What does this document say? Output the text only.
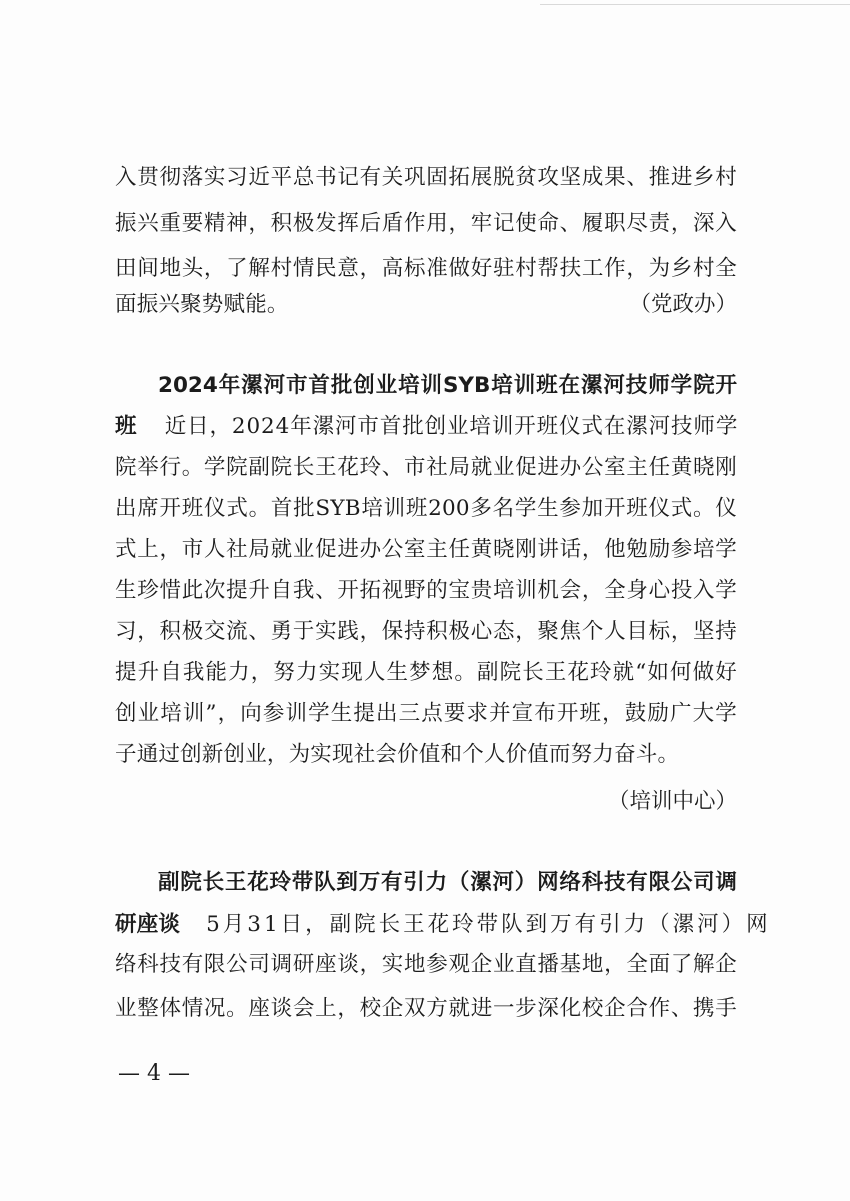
入贯彻落实习近平总书记有关巩固拓展脱贫攻坚成果、推进乡村
振兴重要精神，积极发挥后盾作用，牢记使命、履职尽责，深入
田间地头，了解村情民意，高标准做好驻村帮扶工作，为乡村全
面振兴聚势赋能。	（党政办）
2024年漯河市首批创业培训SYB培训班在漯河技师学院开
班 近日，2024年漯河市首批创业培训开班仪式在漯河技师学
院举行。学院副院长王花玲、市社局就业促进办公室主任黄晓刚
出席开班仪式。首批SYB培训班200多名学生参加开班仪式。仪
式上，市人社局就业促进办公室主任黄晓刚讲话，他勉励参培学
生珍惜此次提升自我、开拓视野的宝贵培训机会，全身心投入学
习，积极交流、勇于实践，保持积极心态，聚焦个人目标，坚持
提升自我能力，努力实现人生梦想。副院长王花玲就“如何做好
创业培训”，向参训学生提出三点要求并宣布开班，鼓励广大学
子通过创新创业，为实现社会价值和个人价值而努力奋斗。
（培训中心）
副院长王花玲带队到万有引力（漯河）网络科技有限公司调
研座谈 5月31日，副院长王花玲带队到万有引力（漯河）网
络科技有限公司调研座谈，实地参观企业直播基地，全面了解企
业整体情况。座谈会上，校企双方就进一步深化校企合作、携手
— 4 —
